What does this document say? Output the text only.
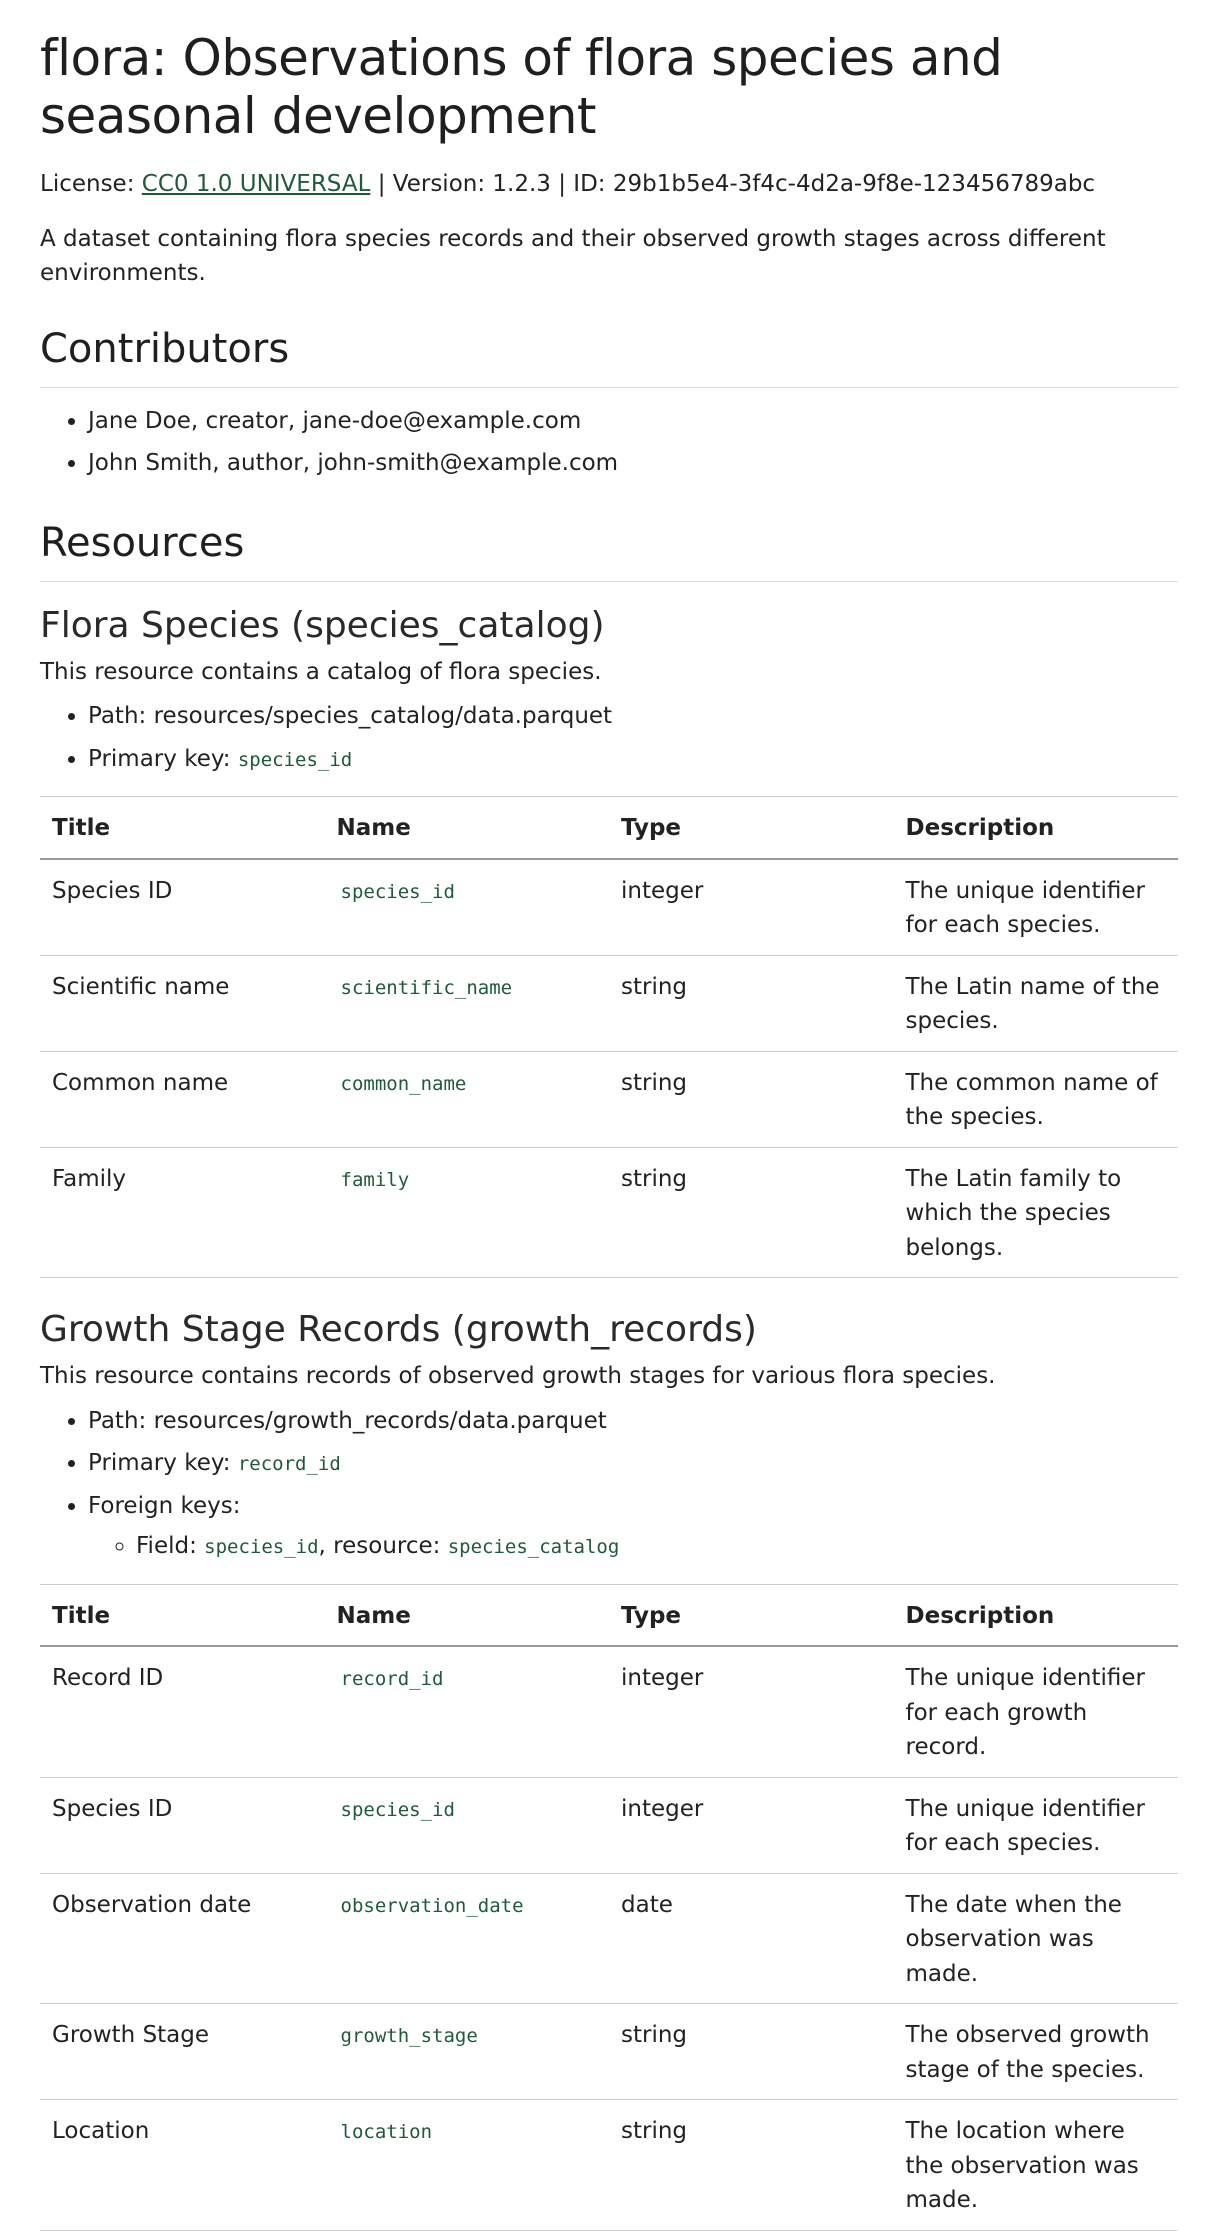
flora: Observations of flora species and seasonal development

License: CC0 1.0 UNIVERSAL | Version: 1.2.3 | ID: 29b1b5e4-3f4c-4d2a-9f8e-123456789abc

A dataset containing flora species records and their observed growth stages across different environments.

Contributors
• Jane Doe, creator, jane-doe@example.com
• John Smith, author, john-smith@example.com
Resources
Flora Species (species_catalog)

This resource contains a catalog of flora species.

• Path: resources/species_catalog/data.parquet
• Primary key: species_id
Title	Name	Type	Description
Species ID	species_id	integer	The unique identifier for each species.
Scientific name	scientific_name	string	The Latin name of the species.
Common name	common_name	string	The common name of the species.
Family	family	string	The Latin family to which the species belongs.
Growth Stage Records (growth_records)

This resource contains records of observed growth stages for various flora species.

• Path: resources/growth_records/data.parquet
• Primary key: record_id
• Foreign keys:
◦ Field: species_id, resource: species_catalog
Title	Name	Type	Description
Record ID	record_id	integer	The unique identifier for each growth record.
Species ID	species_id	integer	The unique identifier for each species.
Observation date	observation_date	date	The date when the observation was made.
Growth Stage	growth_stage	string	The observed growth stage of the species.
Location	location	string	The location where the observation was made.
